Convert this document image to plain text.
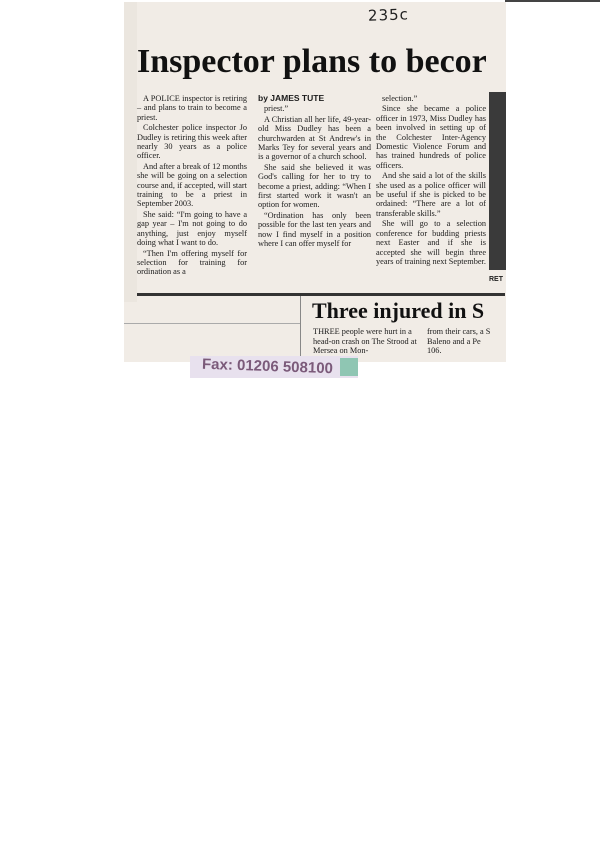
235c
Inspector plans to becor

A POLICE inspector is retiring – and plans to train to become a priest.

Colchester police inspector Jo Dudley is retiring this week after nearly 30 years as a police officer.

And after a break of 12 months she will be going on a selection course and, if accepted, will start training to be a priest in September 2003.

She said: “I'm going to have a gap year – I'm not going to do anything, just enjoy myself doing what I want to do.

“Then I'm offering myself for selection for training for ordination as a

by JAMES TUTE

priest.”

A Christian all her life, 49-year-old Miss Dudley has been a churchwarden at St Andrew's in Marks Tey for several years and is a governor of a church school.

She said she believed it was God's calling for her to try to become a priest, adding: “When I first started work it wasn't an option for women.

“Ordination has only been possible for the last ten years and now I find myself in a position where I can offer myself for

selection.”

Since she became a police officer in 1973, Miss Dudley has been involved in setting up of the Colchester Inter-Agency Domestic Violence Forum and has trained hundreds of police officers.

And she said a lot of the skills she used as a police officer will be useful if she is picked to be ordained: “There are a lot of transferable skills.”

She will go to a selection conference for budding priests next Easter and if she is accepted she will begin three years of training next September.

RET
Three injured in S
THREE people were hurt in a head-on crash on The Strood at Mersea on Mon-
from their cars, a S
Baleno and a Pe
106.
Fax: 01206 508100
